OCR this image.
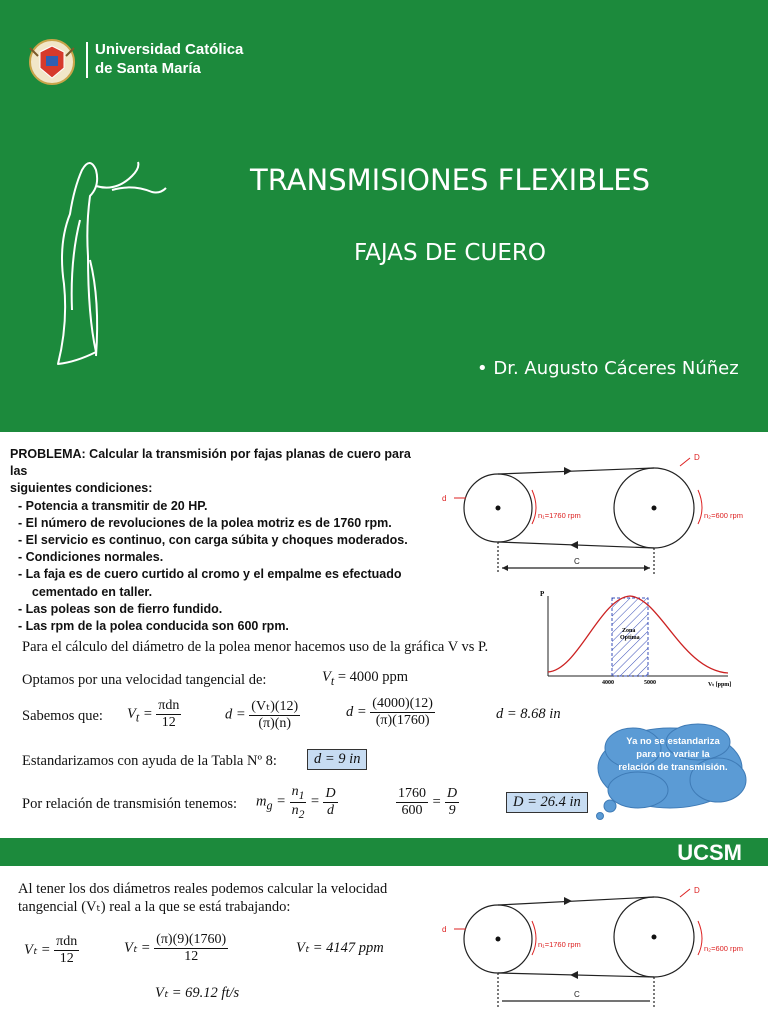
Universidad Católica
de Santa María
TRANSMISIONES FLEXIBLES
FAJAS DE CUERO
• Dr. Augusto Cáceres Núñez
PROBLEMA: Calcular la transmisión por fajas planas de cuero para las
siguientes condiciones:
- Potencia a transmitir de 20 HP.
- El número de revoluciones de la polea motriz es de 1760 rpm.
- El servicio es continuo, con carga súbita y choques moderados.
- Condiciones normales.
- La faja es de cuero curtido al cromo y el empalme es efectuado
cementado en taller.
- Las poleas son de fierro fundido.
- Las rpm de la polea conducida son 600 rpm.
d
D
n₁=1760 rpm	n₂=600 rpm
C
P
Zona
Optima
4000	5000	Vₜ [ppm]
Para el cálculo del diámetro de la polea menor hacemos uso de la gráfica V vs P.
Optamos por una velocidad tangencial de:	$V_t = 4000$ ppm
Sabemos que: $V_t = \frac{\text{πdn}}{12}$	$d = \frac{\text{(Vₜ)(12)}}{(\pi)(n)}$	$d = \frac{(4000)(12)}{(\pi)(1760)}$	d = 8.68 in
Estandarizamos con ayuda de la Tabla Nº 8:	d = 9 in
Por relación de transmisión tenemos: $m_g = \frac{n_1}{n_2} = \frac{D}{d}$	$\frac{1760}{600} = \frac{D}{9}$	D = 26.4 in
Ya no se estandariza para no variar la relación de transmisión.
UCSM
Al tener los dos diámetros reales podemos calcular la velocidad
tangencial (Vₜ) real a la que se está trabajando:
$V_t = \frac{\text{πdn}}{12}$	$V_t = \frac{(\pi)(9)(1760)}{12}$	Vₜ = 4147 ppm
Vₜ = 69.12 ft/s
d
D
n₁=1760 rpm	n₂=600 rpm
C
